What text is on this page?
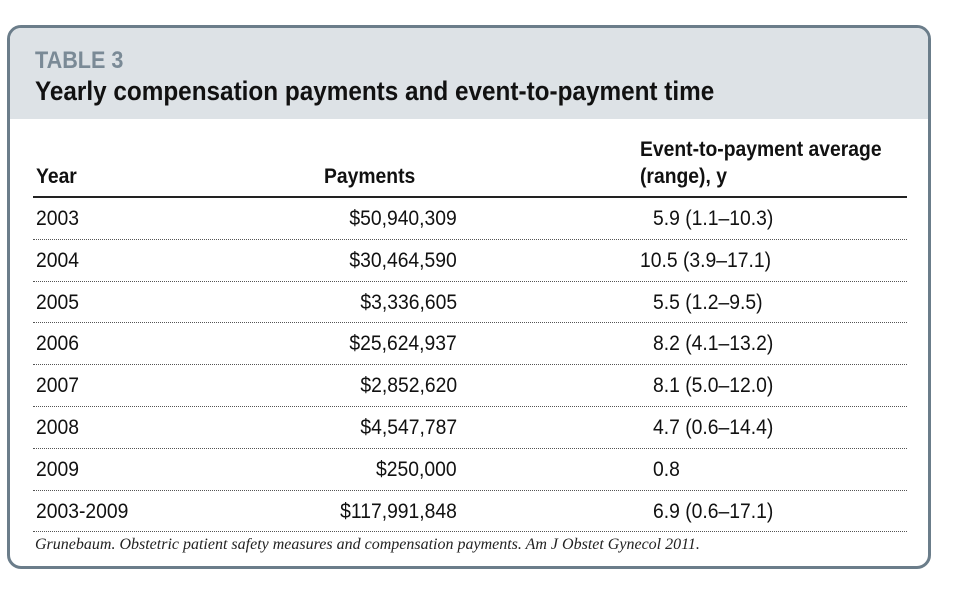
TABLE 3
Yearly compensation payments and event-to-payment time
Year	Payments
Event-to-payment average
(range), y
2003	$50,940,309	5.9 (1.1–10.3)
2004	$30,464,590	10.5 (3.9–17.1)
2005	$3,336,605	5.5 (1.2–9.5)
2006	$25,624,937	8.2 (4.1–13.2)
2007	$2,852,620	8.1 (5.0–12.0)
2008	$4,547,787	4.7 (0.6–14.4)
2009	$250,000	0.8
2003-2009	$117,991,848	6.9 (0.6–17.1)
Grunebaum. Obstetric patient safety measures and compensation payments. Am J Obstet Gynecol 2011.
